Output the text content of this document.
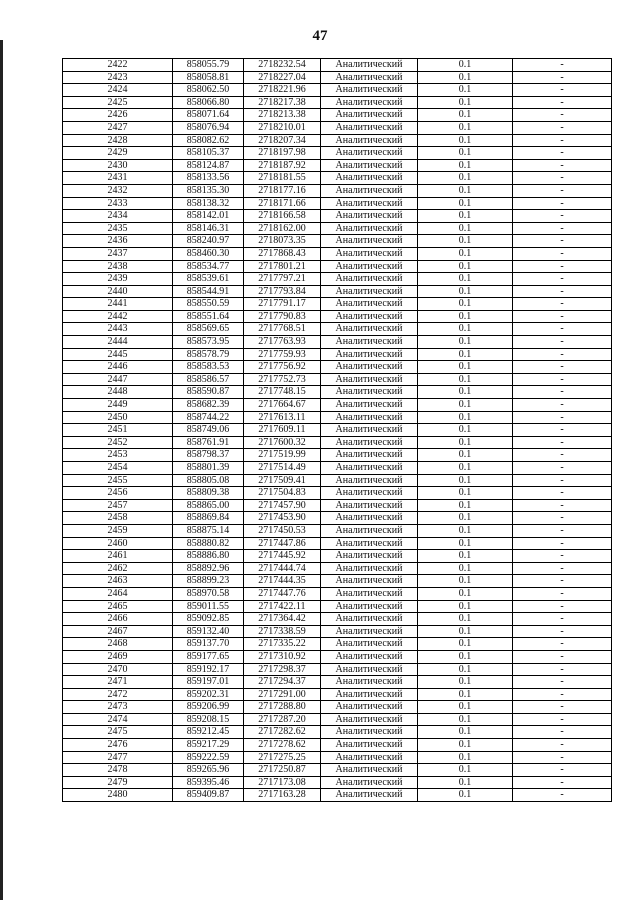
47
2422	858055.79	2718232.54	Аналитический	0.1	-
2423	858058.81	2718227.04	Аналитический	0.1	-
2424	858062.50	2718221.96	Аналитический	0.1	-
2425	858066.80	2718217.38	Аналитический	0.1	-
2426	858071.64	2718213.38	Аналитический	0.1	-
2427	858076.94	2718210.01	Аналитический	0.1	-
2428	858082.62	2718207.34	Аналитический	0.1	-
2429	858105.37	2718197.98	Аналитический	0.1	-
2430	858124.87	2718187.92	Аналитический	0.1	-
2431	858133.56	2718181.55	Аналитический	0.1	-
2432	858135.30	2718177.16	Аналитический	0.1	-
2433	858138.32	2718171.66	Аналитический	0.1	-
2434	858142.01	2718166.58	Аналитический	0.1	-
2435	858146.31	2718162.00	Аналитический	0.1	-
2436	858240.97	2718073.35	Аналитический	0.1	-
2437	858460.30	2717868.43	Аналитический	0.1	-
2438	858534.77	2717801.21	Аналитический	0.1	-
2439	858539.61	2717797.21	Аналитический	0.1	-
2440	858544.91	2717793.84	Аналитический	0.1	-
2441	858550.59	2717791.17	Аналитический	0.1	-
2442	858551.64	2717790.83	Аналитический	0.1	-
2443	858569.65	2717768.51	Аналитический	0.1	-
2444	858573.95	2717763.93	Аналитический	0.1	-
2445	858578.79	2717759.93	Аналитический	0.1	-
2446	858583.53	2717756.92	Аналитический	0.1	-
2447	858586.57	2717752.73	Аналитический	0.1	-
2448	858590.87	2717748.15	Аналитический	0.1	-
2449	858682.39	2717664.67	Аналитический	0.1	-
2450	858744.22	2717613.11	Аналитический	0.1	-
2451	858749.06	2717609.11	Аналитический	0.1	-
2452	858761.91	2717600.32	Аналитический	0.1	-
2453	858798.37	2717519.99	Аналитический	0.1	-
2454	858801.39	2717514.49	Аналитический	0.1	-
2455	858805.08	2717509.41	Аналитический	0.1	-
2456	858809.38	2717504.83	Аналитический	0.1	-
2457	858865.00	2717457.90	Аналитический	0.1	-
2458	858869.84	2717453.90	Аналитический	0.1	-
2459	858875.14	2717450.53	Аналитический	0.1	-
2460	858880.82	2717447.86	Аналитический	0.1	-
2461	858886.80	2717445.92	Аналитический	0.1	-
2462	858892.96	2717444.74	Аналитический	0.1	-
2463	858899.23	2717444.35	Аналитический	0.1	-
2464	858970.58	2717447.76	Аналитический	0.1	-
2465	859011.55	2717422.11	Аналитический	0.1	-
2466	859092.85	2717364.42	Аналитический	0.1	-
2467	859132.40	2717338.59	Аналитический	0.1	-
2468	859137.70	2717335.22	Аналитический	0.1	-
2469	859177.65	2717310.92	Аналитический	0.1	-
2470	859192.17	2717298.37	Аналитический	0.1	-
2471	859197.01	2717294.37	Аналитический	0.1	-
2472	859202.31	2717291.00	Аналитический	0.1	-
2473	859206.99	2717288.80	Аналитический	0.1	-
2474	859208.15	2717287.20	Аналитический	0.1	-
2475	859212.45	2717282.62	Аналитический	0.1	-
2476	859217.29	2717278.62	Аналитический	0.1	-
2477	859222.59	2717275.25	Аналитический	0.1	-
2478	859265.96	2717250.87	Аналитический	0.1	-
2479	859395.46	2717173.08	Аналитический	0.1	-
2480	859409.87	2717163.28	Аналитический	0.1	-
